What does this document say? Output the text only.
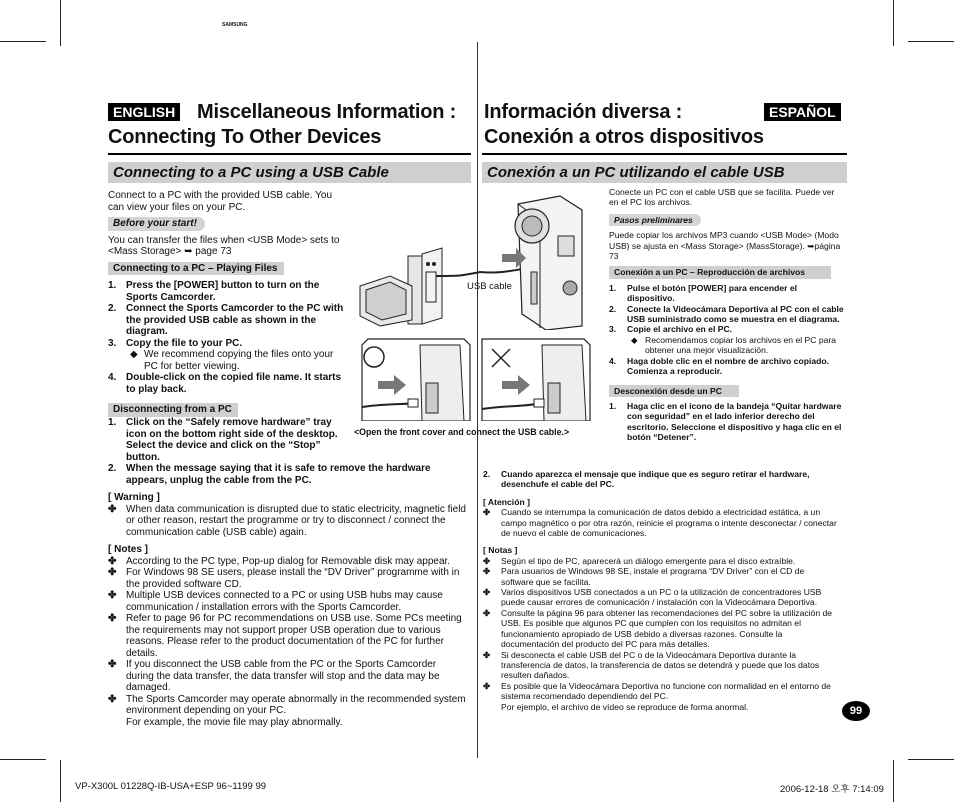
ENGLISH Miscellaneous Information :
Connecting To Other Devices
Connecting to a PC using a USB Cable
Información diversa :
Conexión a otros dispositivos
ESPAÑOL
Conexión a un PC utilizando el cable USB

Connect to a PC with the provided USB cable. You can view your files on your PC.

Before your start!

You can transfer the files when <USB Mode> sets to <Mass Storage> ➥ page 73

Connecting to a PC – Playing Files
1. Press the [POWER] button to turn on the Sports Camcorder.
2. Connect the Sports Camcorder to the PC with the provided USB cable as shown in the diagram.
3. Copy the file to your PC.
◆ We recommend copying the files onto your PC for better viewing.
4. Double-click on the copied file name. It starts to play back.
Disconnecting from a PC
1. Click on the “Safely remove hardware” tray icon on the bottom right side of the desktop. Select the device and click on the “Stop” button.
2. When the message saying that it is safe to remove the hardware appears, unplug the cable from the PC.
[ Warning ]
✤ When data communication is disrupted due to static electricity, magnetic field or other reason, restart the programme or try to disconnect / connect the communication cable (USB cable) again.
[ Notes ]
✤ According to the PC type, Pop-up dialog for Removable disk may appear.
✤ For Windows 98 SE users, please install the “DV Driver” programme with in the provided software CD.
✤ Multiple USB devices connected to a PC or using USB hubs may cause communication / installation errors with the Sports Camcorder.
✤ Refer to page 96 for PC recommendations on USB use. Some PCs meeting the requirements may not support proper USB operation due to various reasons. Please refer to the product documentation of the PC for further details.
✤ If you disconnect the USB cable from the PC or the Sports Camcorder during the data transfer, the data transfer will stop and the data may be damaged.
✤ The Sports Camcorder may operate abnormally in the recommended system environment depending on your PC.
For example, the movie file may play abnormally.
SAMSUNG
USB cable
<Open the front cover and connect the USB cable.>

Conecte un PC con el cable USB que se facilita. Puede ver en el PC los archivos.

Pasos preliminares

Puede copiar los archivos MP3 cuando <USB Mode> (Modo USB) se ajusta en <Mass Storage> (MassStorage). ➥página 73

Conexión a un PC – Reproducción de archivos
1. Pulse el botón [POWER] para encender el dispositivo.
2. Conecte la Videocámara Deportiva al PC con el cable USB suministrado como se muestra en el diagrama.
3. Copie el archivo en el PC.
◆ Recomendamos copiar los archivos en el PC para obtener una mejor visualización.
4. Haga doble clic en el nombre de archivo copiado. Comienza a reproducir.
Desconexión desde un PC
1. Haga clic en el icono de la bandeja “Quitar hardware con seguridad” en el lado inferior derecho del escritorio. Seleccione el dispositivo y haga clic en el botón “Detener”.
2. Cuando aparezca el mensaje que indique que es seguro retirar el hardware, desenchufe el cable del PC.
[ Atención ]
✤ Cuando se interrumpa la comunicación de datos debido a electricidad estática, a un campo magnético o por otra razón, reinicie el programa o intente desconectar / conectar de nuevo el cable de comunicaciones.
[ Notas ]
✤ Según el tipo de PC, aparecerá un diálogo emergente para el disco extraíble.
✤ Para usuarios de Windows 98 SE, instale el programa “DV Driver” con el CD de software que se facilita.
✤ Varios dispositivos USB conectados a un PC o la utilización de concentradores USB puede causar errores de comunicación / instalación con la Videocámara Deportiva.
✤ Consulte la página 96 para obtener las recomendaciones del PC sobre la utilización de USB. Es posible que algunos PC que cumplen con los requisitos no admitan el funcionamiento apropiado de USB debido a diversas razones. Consulte la documentación del producto del PC para más detalles.
✤ Si desconecta el cable USB del PC o de la Videocámara Deportiva durante la transferencia de datos, la transferencia de datos se detendrá y puede que los datos resulten dañados.
✤ Es posible que la Videocámara Deportiva no funcione con normalidad en el entorno de sistema recomendado dependiendo del PC.
Por ejemplo, el archivo de vídeo se reproduce de forma anormal.	99
VP-X300L 01228Q-IB-USA+ESP 96~1199 99	2006-12-18 오후 7:14:09
